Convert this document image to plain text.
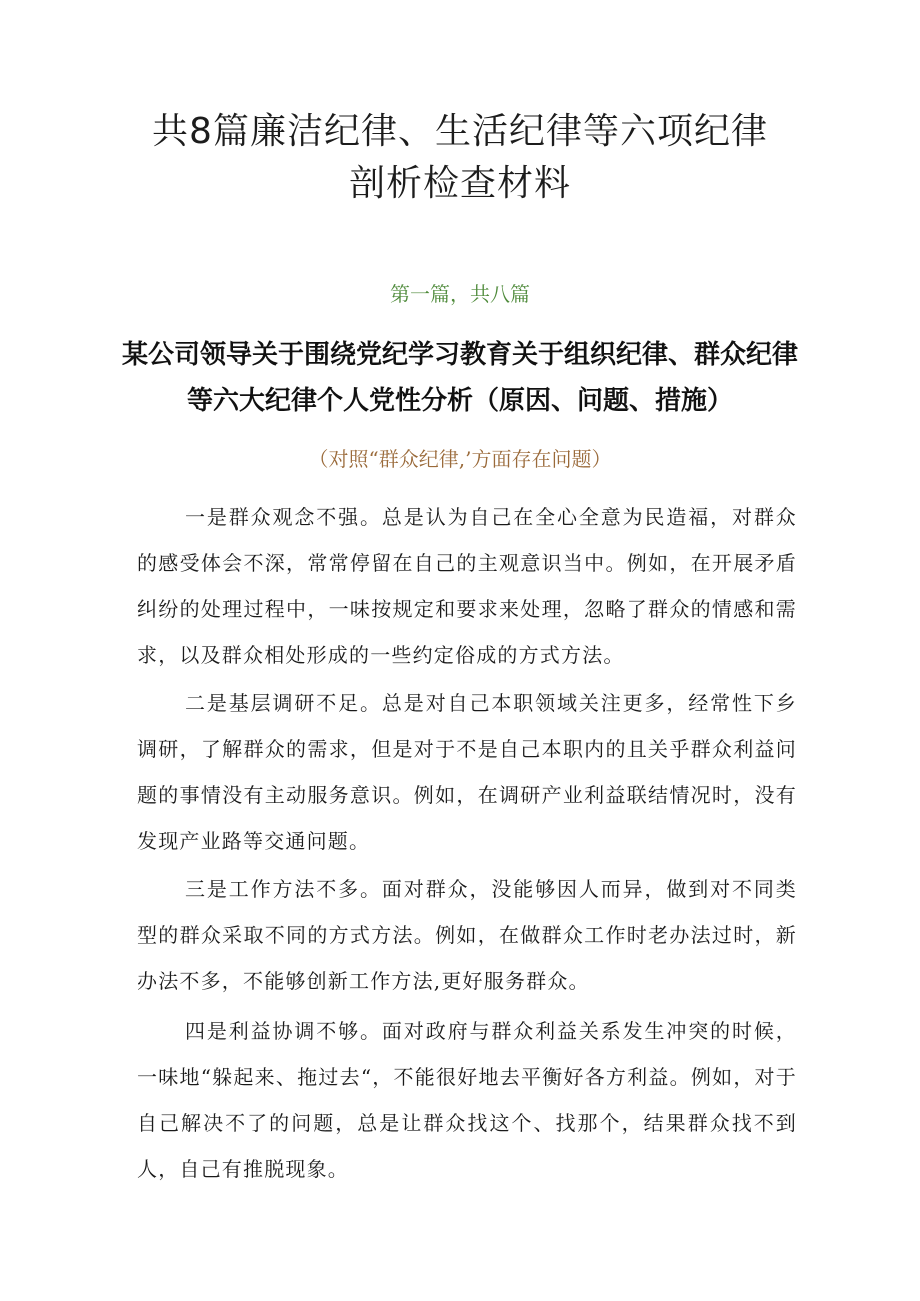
共8篇廉洁纪律、生活纪律等六项纪律剖析检查材料

第一篇，共八篇

某公司领导关于围绕党纪学习教育关于组织纪律、群众纪律等六大纪律个人党性分析（原因、问题、措施）

（对照“群众纪律,’方面存在问题）

一是群众观念不强。总是认为自己在全心全意为民造福，对群众的感受体会不深，常常停留在自己的主观意识当中。例如，在开展矛盾纠纷的处理过程中，一味按规定和要求来处理，忽略了群众的情感和需求，以及群众相处形成的一些约定俗成的方式方法。

二是基层调研不足。总是对自己本职领域关注更多，经常性下乡调研，了解群众的需求，但是对于不是自己本职内的且关乎群众利益问题的事情没有主动服务意识。例如，在调研产业利益联结情况时，没有发现产业路等交通问题。

三是工作方法不多。面对群众，没能够因人而异，做到对不同类型的群众采取不同的方式方法。例如，在做群众工作时老办法过时，新办法不多，不能够创新工作方法,更好服务群众。

四是利益协调不够。面对政府与群众利益关系发生冲突的时候，一味地“躲起来、拖过去“，不能很好地去平衡好各方利益。例如，对于自己解决不了的问题，总是让群众找这个、找那个，结果群众找不到人，自己有推脱现象。
